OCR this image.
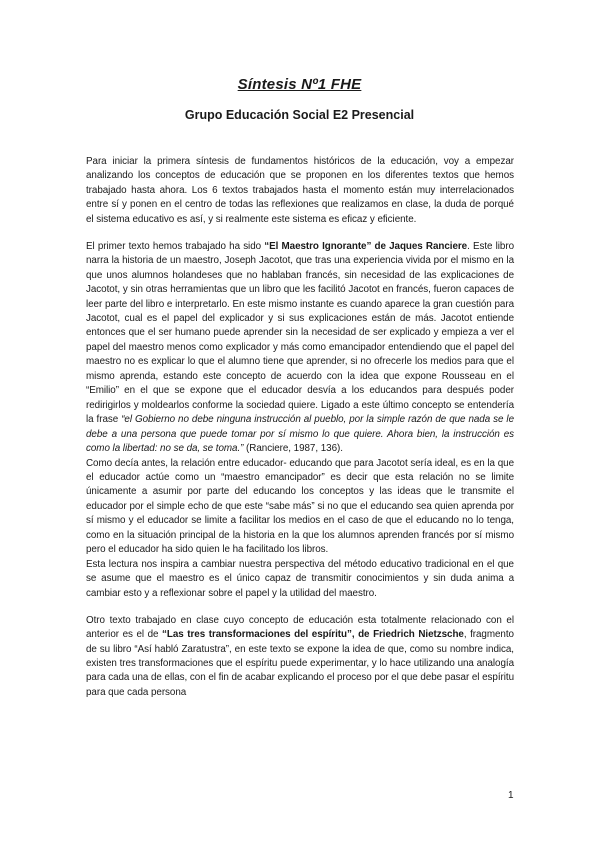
Síntesis Nº1 FHE
Grupo Educación Social E2 Presencial

Para iniciar la primera síntesis de fundamentos históricos de la educación, voy a empezar analizando los conceptos de educación que se proponen en los diferentes textos que hemos trabajado hasta ahora. Los 6 textos trabajados hasta el momento están muy interrelacionados entre sí y ponen en el centro de todas las reflexiones que realizamos en clase, la duda de porqué el sistema educativo es así, y si realmente este sistema es eficaz y eficiente.

El primer texto hemos trabajado ha sido “El Maestro Ignorante” de Jaques Ranciere. Este libro narra la historia de un maestro, Joseph Jacotot, que tras una experiencia vivida por el mismo en la que unos alumnos holandeses que no hablaban francés, sin necesidad de las explicaciones de Jacotot, y sin otras herramientas que un libro que les facilitó Jacotot en francés, fueron capaces de leer parte del libro e interpretarlo. En este mismo instante es cuando aparece la gran cuestión para Jacotot, cual es el papel del explicador y si sus explicaciones están de más. Jacotot entiende entonces que el ser humano puede aprender sin la necesidad de ser explicado y empieza a ver el papel del maestro menos como explicador y más como emancipador entendiendo que el papel del maestro no es explicar lo que el alumno tiene que aprender, si no ofrecerle los medios para que el mismo aprenda, estando este concepto de acuerdo con la idea que expone Rousseau en el “Emilio” en el que se expone que el educador desvía a los educandos para después poder redirigirlos y moldearlos conforme la sociedad quiere. Ligado a este último concepto se entendería la frase “el Gobierno no debe ninguna instrucción al pueblo, por la simple razón de que nada se le debe a una persona que puede tomar por sí mismo lo que quiere. Ahora bien, la instrucción es como la libertad: no se da, se toma.” (Ranciere, 1987, 136).

Como decía antes, la relación entre educador- educando que para Jacotot sería ideal, es en la que el educador actúe como un “maestro emancipador” es decir que esta relación no se limite únicamente a asumir por parte del educando los conceptos y las ideas que le transmite el educador por el simple echo de que este “sabe más” si no que el educando sea quien aprenda por sí mismo y el educador se limite a facilitar los medios en el caso de que el educando no lo tenga, como en la situación principal de la historia en la que los alumnos aprenden francés por sí mismo pero el educador ha sido quien le ha facilitado los libros.

Esta lectura nos inspira a cambiar nuestra perspectiva del método educativo tradicional en el que se asume que el maestro es el único capaz de transmitir conocimientos y sin duda anima a cambiar esto y a reflexionar sobre el papel y la utilidad del maestro.

Otro texto trabajado en clase cuyo concepto de educación esta totalmente relacionado con el anterior es el de “Las tres transformaciones del espíritu”, de Friedrich Nietzsche, fragmento de su libro “Así habló Zaratustra”, en este texto se expone la idea de que, como su nombre indica, existen tres transformaciones que el espíritu puede experimentar, y lo hace utilizando una analogía para cada una de ellas, con el fin de acabar explicando el proceso por el que debe pasar el espíritu para que cada persona

1
